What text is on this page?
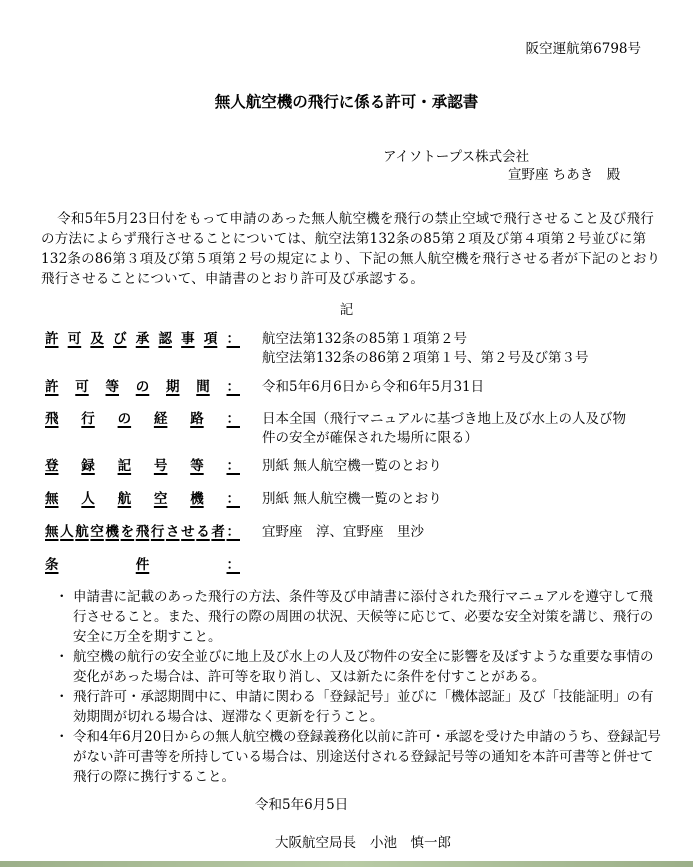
阪空運航第6798号
無人航空機の飛行に係る許可・承認書
アイソトープス株式会社
宣野座 ちあき　殿
令和5年5月23日付をもって申請のあった無人航空機を飛行の禁止空域で飛行させること及び飛行の方法によらず飛行させることについては、航空法第132条の85第２項及び第４項第２号並びに第132条の86第３項及び第５項第２号の規定により、下記の無人航空機を飛行させる者が下記のとおり飛行させることについて、申請書のとおり許可及び承認する。
記
許 可 及 び 承 認 事 項 ： 航空法第132条の85第１項第２号
航空法第132条の86第２項第１号、第２号及び第３号
許 可 等 の 期 間 ： 令和5年6月6日から令和6年5月31日
飛 行 の 経 路 ： 日本全国（飛行マニュアルに基づき地上及び水上の人及び物
件の安全が確保された場所に限る）
登 録 記 号 等 ： 別紙 無人航空機一覧のとおり
無 人 航 空 機 ： 別紙 無人航空機一覧のとおり
無 人 航 空 機 を 飛 行 さ せ る 者 ： 宜野座　淳、宜野座　里沙
条	件	：
・ 申請書に記載のあった飛行の方法、条件等及び申請書に添付された飛行マニュアルを遵守して飛行させること。また、飛行の際の周囲の状況、天候等に応じて、必要な安全対策を講じ、飛行の安全に万全を期すこと。
・ 航空機の航行の安全並びに地上及び水上の人及び物件の安全に影響を及ぼすような重要な事情の変化があった場合は、許可等を取り消し、又は新たに条件を付すことがある。
・ 飛行許可・承認期間中に、申請に関わる「登録記号」並びに「機体認証」及び「技能証明」の有効期間が切れる場合は、遅滞なく更新を行うこと。
・ 令和4年6月20日からの無人航空機の登録義務化以前に許可・承認を受けた申請のうち、登録記号がない許可書等を所持している場合は、別途送付される登録記号等の通知を本許可書等と併せて飛行の際に携行すること。
令和5年6月5日
大阪航空局長 小池　慎一郎
